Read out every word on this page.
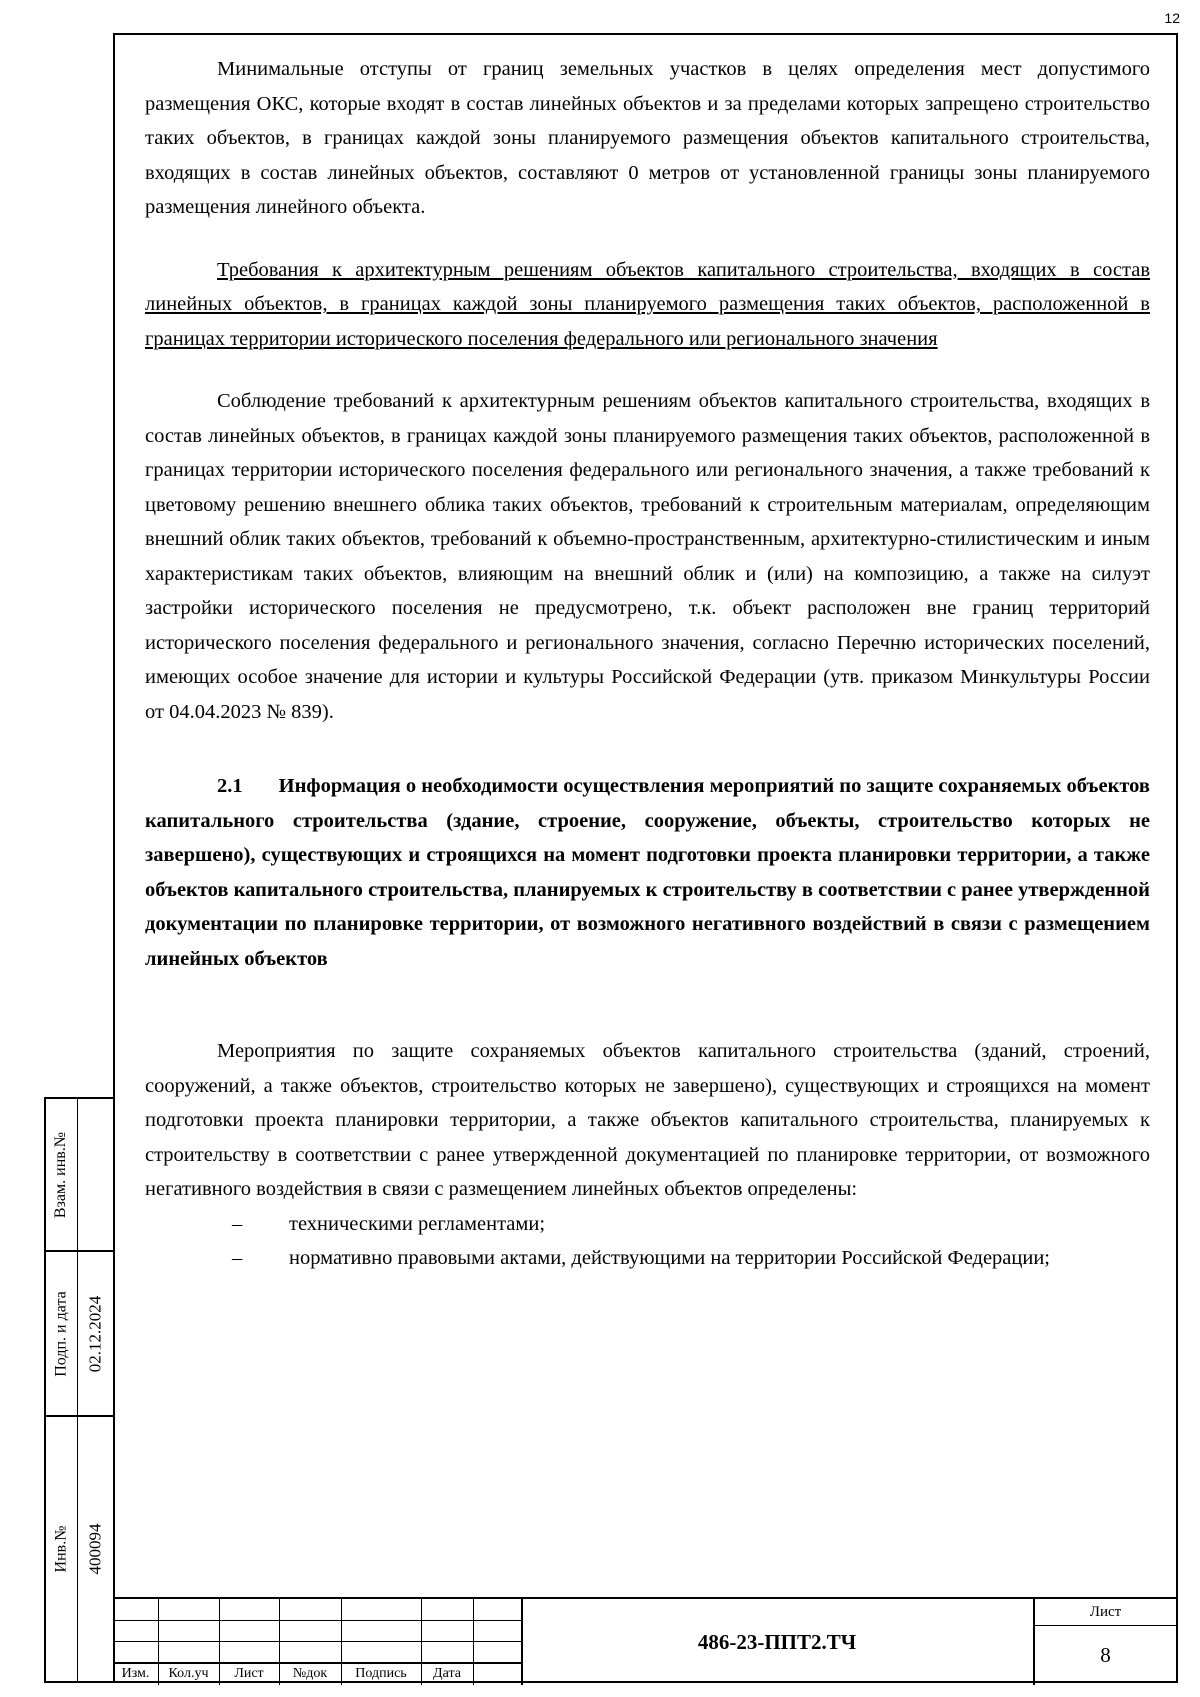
12

Минимальные отступы от границ земельных участков в целях определения мест допустимого размещения ОКС, которые входят в состав линейных объектов и за пределами которых запрещено строительство таких объектов, в границах каждой зоны планируемого размещения объектов капитального строительства, входящих в состав линейных объектов, составляют 0 метров от установленной границы зоны планируемого размещения линейного объекта.

Требования к архитектурным решениям объектов капитального строительства, входящих в состав линейных объектов, в границах каждой зоны планируемого размещения таких объектов, расположенной в границах территории исторического поселения федерального или регионального значения

Соблюдение требований к архитектурным решениям объектов капитального строительства, входящих в состав линейных объектов, в границах каждой зоны планируемого размещения таких объектов, расположенной в границах территории исторического поселения федерального или регионального значения, а также требований к цветовому решению внешнего облика таких объектов, требований к строительным материалам, определяющим внешний облик таких объектов, требований к объемно-пространственным, архитектурно-стилистическим и иным характеристикам таких объектов, влияющим на внешний облик и (или) на композицию, а также на силуэт застройки исторического поселения не предусмотрено, т.к. объект расположен вне границ территорий исторического поселения федерального и регионального значения, согласно Перечню исторических поселений, имеющих особое значение для истории и культуры Российской Федерации (утв. приказом Минкультуры России от 04.04.2023 № 839).

2.1       Информация о необходимости осуществления мероприятий по защите сохраняемых объектов капитального строительства (здание, строение, сооружение, объекты, строительство которых не завершено), существующих и строящихся на момент подготовки проекта планировки территории, а также объектов капитального строительства, планируемых к строительству в соответствии с ранее утвержденной документации по планировке территории, от возможного негативного воздействий в связи с размещением линейных объектов

Мероприятия по защите сохраняемых объектов капитального строительства (зданий, строений, сооружений, а также объектов, строительство которых не завершено), существующих и строящихся на момент подготовки проекта планировки территории, а также объектов капитального строительства, планируемых к строительству в соответствии с ранее утвержденной документацией по планировке территории, от возможного негативного воздействия в связи с размещением линейных объектов определены:

– техническими регламентами;

– нормативно правовыми актами, действующими на территории Российской Федерации;

Взам. инв.№
Подп. и дата 02.12.2024
Инв.№ 400094
Изм.	Кол.уч	Лист	№док	Подпись	Дата
486-23-ППТ2.ТЧ
Лист
8
